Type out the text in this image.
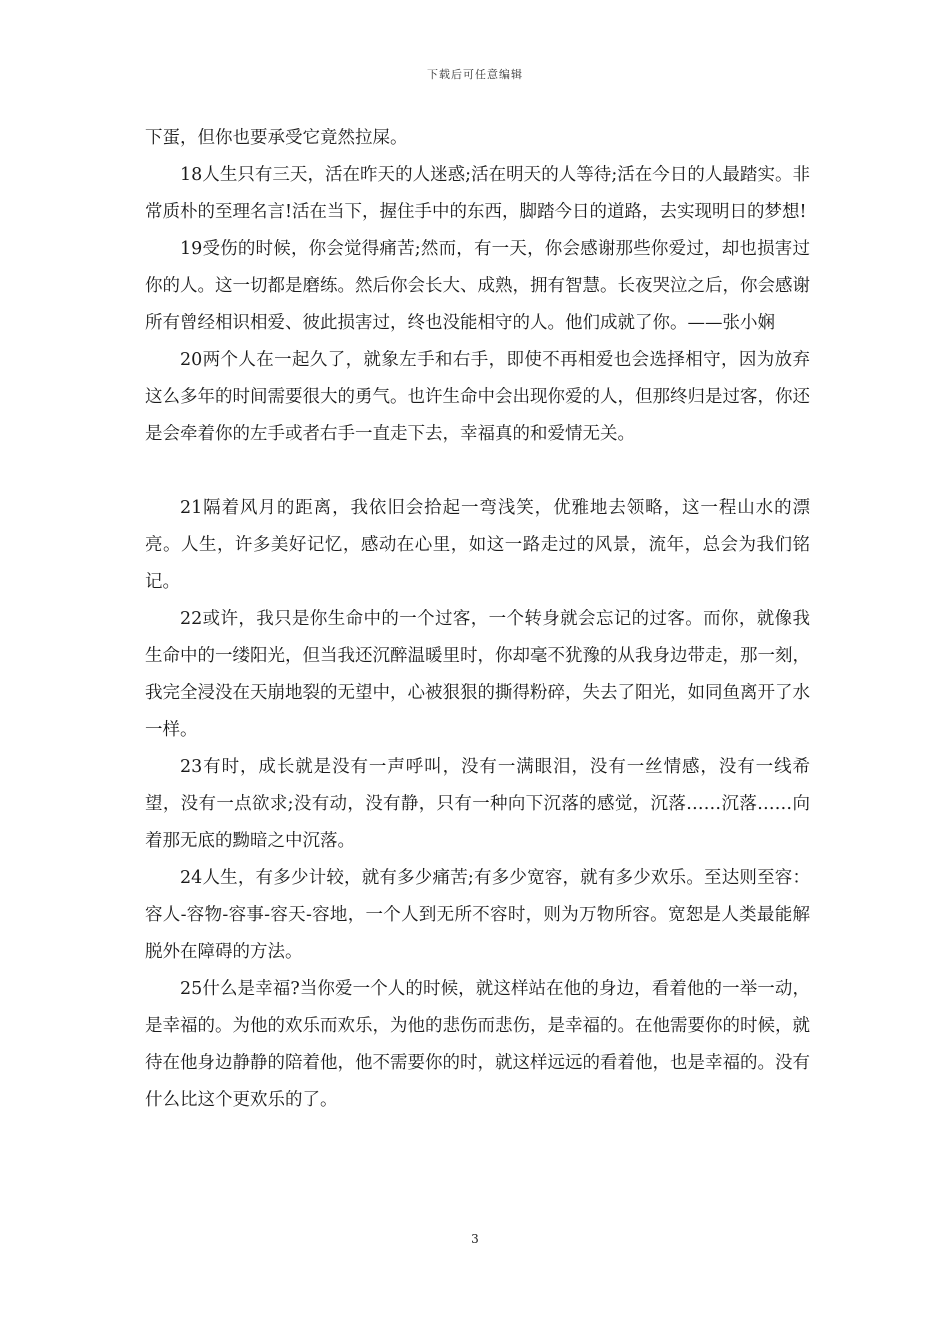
下载后可任意编辑

下蛋，但你也要承受它竟然拉屎。

18人生只有三天，活在昨天的人迷惑;活在明天的人等待;活在今日的人最踏实。非常质朴的至理名言!活在当下，握住手中的东西，脚踏今日的道路，去实现明日的梦想!

19受伤的时候，你会觉得痛苦;然而，有一天，你会感谢那些你爱过，却也损害过你的人。这一切都是磨练。然后你会长大、成熟，拥有智慧。长夜哭泣之后，你会感谢所有曾经相识相爱、彼此损害过，终也没能相守的人。他们成就了你。——张小娴

20两个人在一起久了，就象左手和右手，即使不再相爱也会选择相守，因为放弃这么多年的时间需要很大的勇气。也许生命中会出现你爱的人，但那终归是过客，你还是会牵着你的左手或者右手一直走下去，幸福真的和爱情无关。

21隔着风月的距离，我依旧会拾起一弯浅笑，优雅地去领略，这一程山水的漂亮。人生，许多美好记忆，感动在心里，如这一路走过的风景，流年，总会为我们铭记。

22或许，我只是你生命中的一个过客，一个转身就会忘记的过客。而你，就像我生命中的一缕阳光，但当我还沉醉温暖里时，你却毫不犹豫的从我身边带走，那一刻，我完全浸没在天崩地裂的无望中，心被狠狠的撕得粉碎，失去了阳光，如同鱼离开了水一样。

23有时，成长就是没有一声呼叫，没有一满眼泪，没有一丝情感，没有一线希望，没有一点欲求;没有动，没有静，只有一种向下沉落的感觉，沉落……沉落……向着那无底的黝暗之中沉落。

24人生，有多少计较，就有多少痛苦;有多少宽容，就有多少欢乐。至达则至容：容人-容物-容事-容天-容地，一个人到无所不容时，则为万物所容。宽恕是人类最能解脱外在障碍的方法。

25什么是幸福?当你爱一个人的时候，就这样站在他的身边，看着他的一举一动，是幸福的。为他的欢乐而欢乐，为他的悲伤而悲伤，是幸福的。在他需要你的时候，就待在他身边静静的陪着他，他不需要你的时，就这样远远的看着他，也是幸福的。没有什么比这个更欢乐的了。

3
